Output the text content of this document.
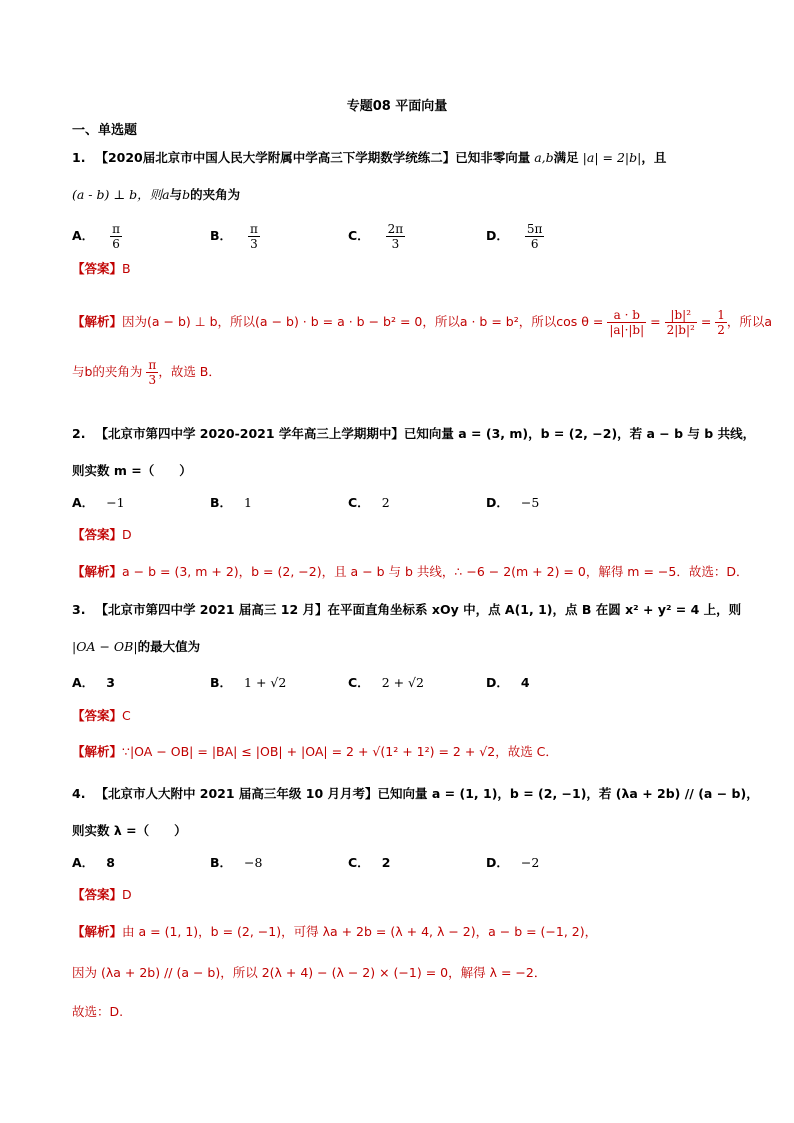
专题08 平面向量
一、单选题
1. 【2020届北京市中国人民大学附属中学高三下学期数学统练二】已知非零向量 a,b满足 |a| = 2|b|，且
(a - b) ⊥ b，则a与b的夹角为
A． $\frac{\pi}{6}$	B． $\frac{\pi}{3}$	C． $\frac{2\pi}{3}$	D． $\frac{5\pi}{6}$
【答案】B
【解析】因为(a − b) ⊥ b，所以(a − b) · b = a · b − b² = 0，所以a · b = b²，所以$\cos \theta = \frac{a \cdot b}{|a|\cdot|b|} = \frac{\text{|b|²}}{\text{2|b|²}} = \frac{1}{2}$ ，所以a
与b的夹角为 $\frac{\pi}{3}$ ，故选 B．
2. 【北京市第四中学 2020-2021 学年高三上学期期中】已知向量 a = (3, m)，b = (2, −2)，若 a − b 与 b 共线，
则实数 m =（　　）
A． −1	B． 1	C． 2	D． −5
【答案】D
【解析】a − b = (3, m + 2)，b = (2, −2)，且 a − b 与 b 共线，∴ −6 − 2(m + 2) = 0，解得 m = −5．故选：D．
3. 【北京市第四中学 2021 届高三 12 月】在平面直角坐标系 xOy 中，点 A(1, 1)，点 B 在圆 x² + y² = 4 上，则
|OA − OB|的最大值为
A． 3	B． 1 + √2	C． 2 + √2	D． 4
【答案】C
【解析】∵|OA − OB| = |BA| ≤ |OB| + |OA| = 2 + √(1² + 1²) = 2 + √2，故选 C．
4. 【北京市人大附中 2021 届高三年级 10 月月考】已知向量 a = (1, 1)，b = (2, −1)，若 (λa + 2b) // (a − b)，
则实数 λ =（　　）
A． 8	B． −8	C． 2	D． −2
【答案】D
【解析】由 a = (1, 1)，b = (2, −1)，可得 λa + 2b = (λ + 4, λ − 2)，a − b = (−1, 2)，
因为 (λa + 2b) // (a − b)，所以 2(λ + 4) − (λ − 2) × (−1) = 0，解得 λ = −2．
故选：D.
